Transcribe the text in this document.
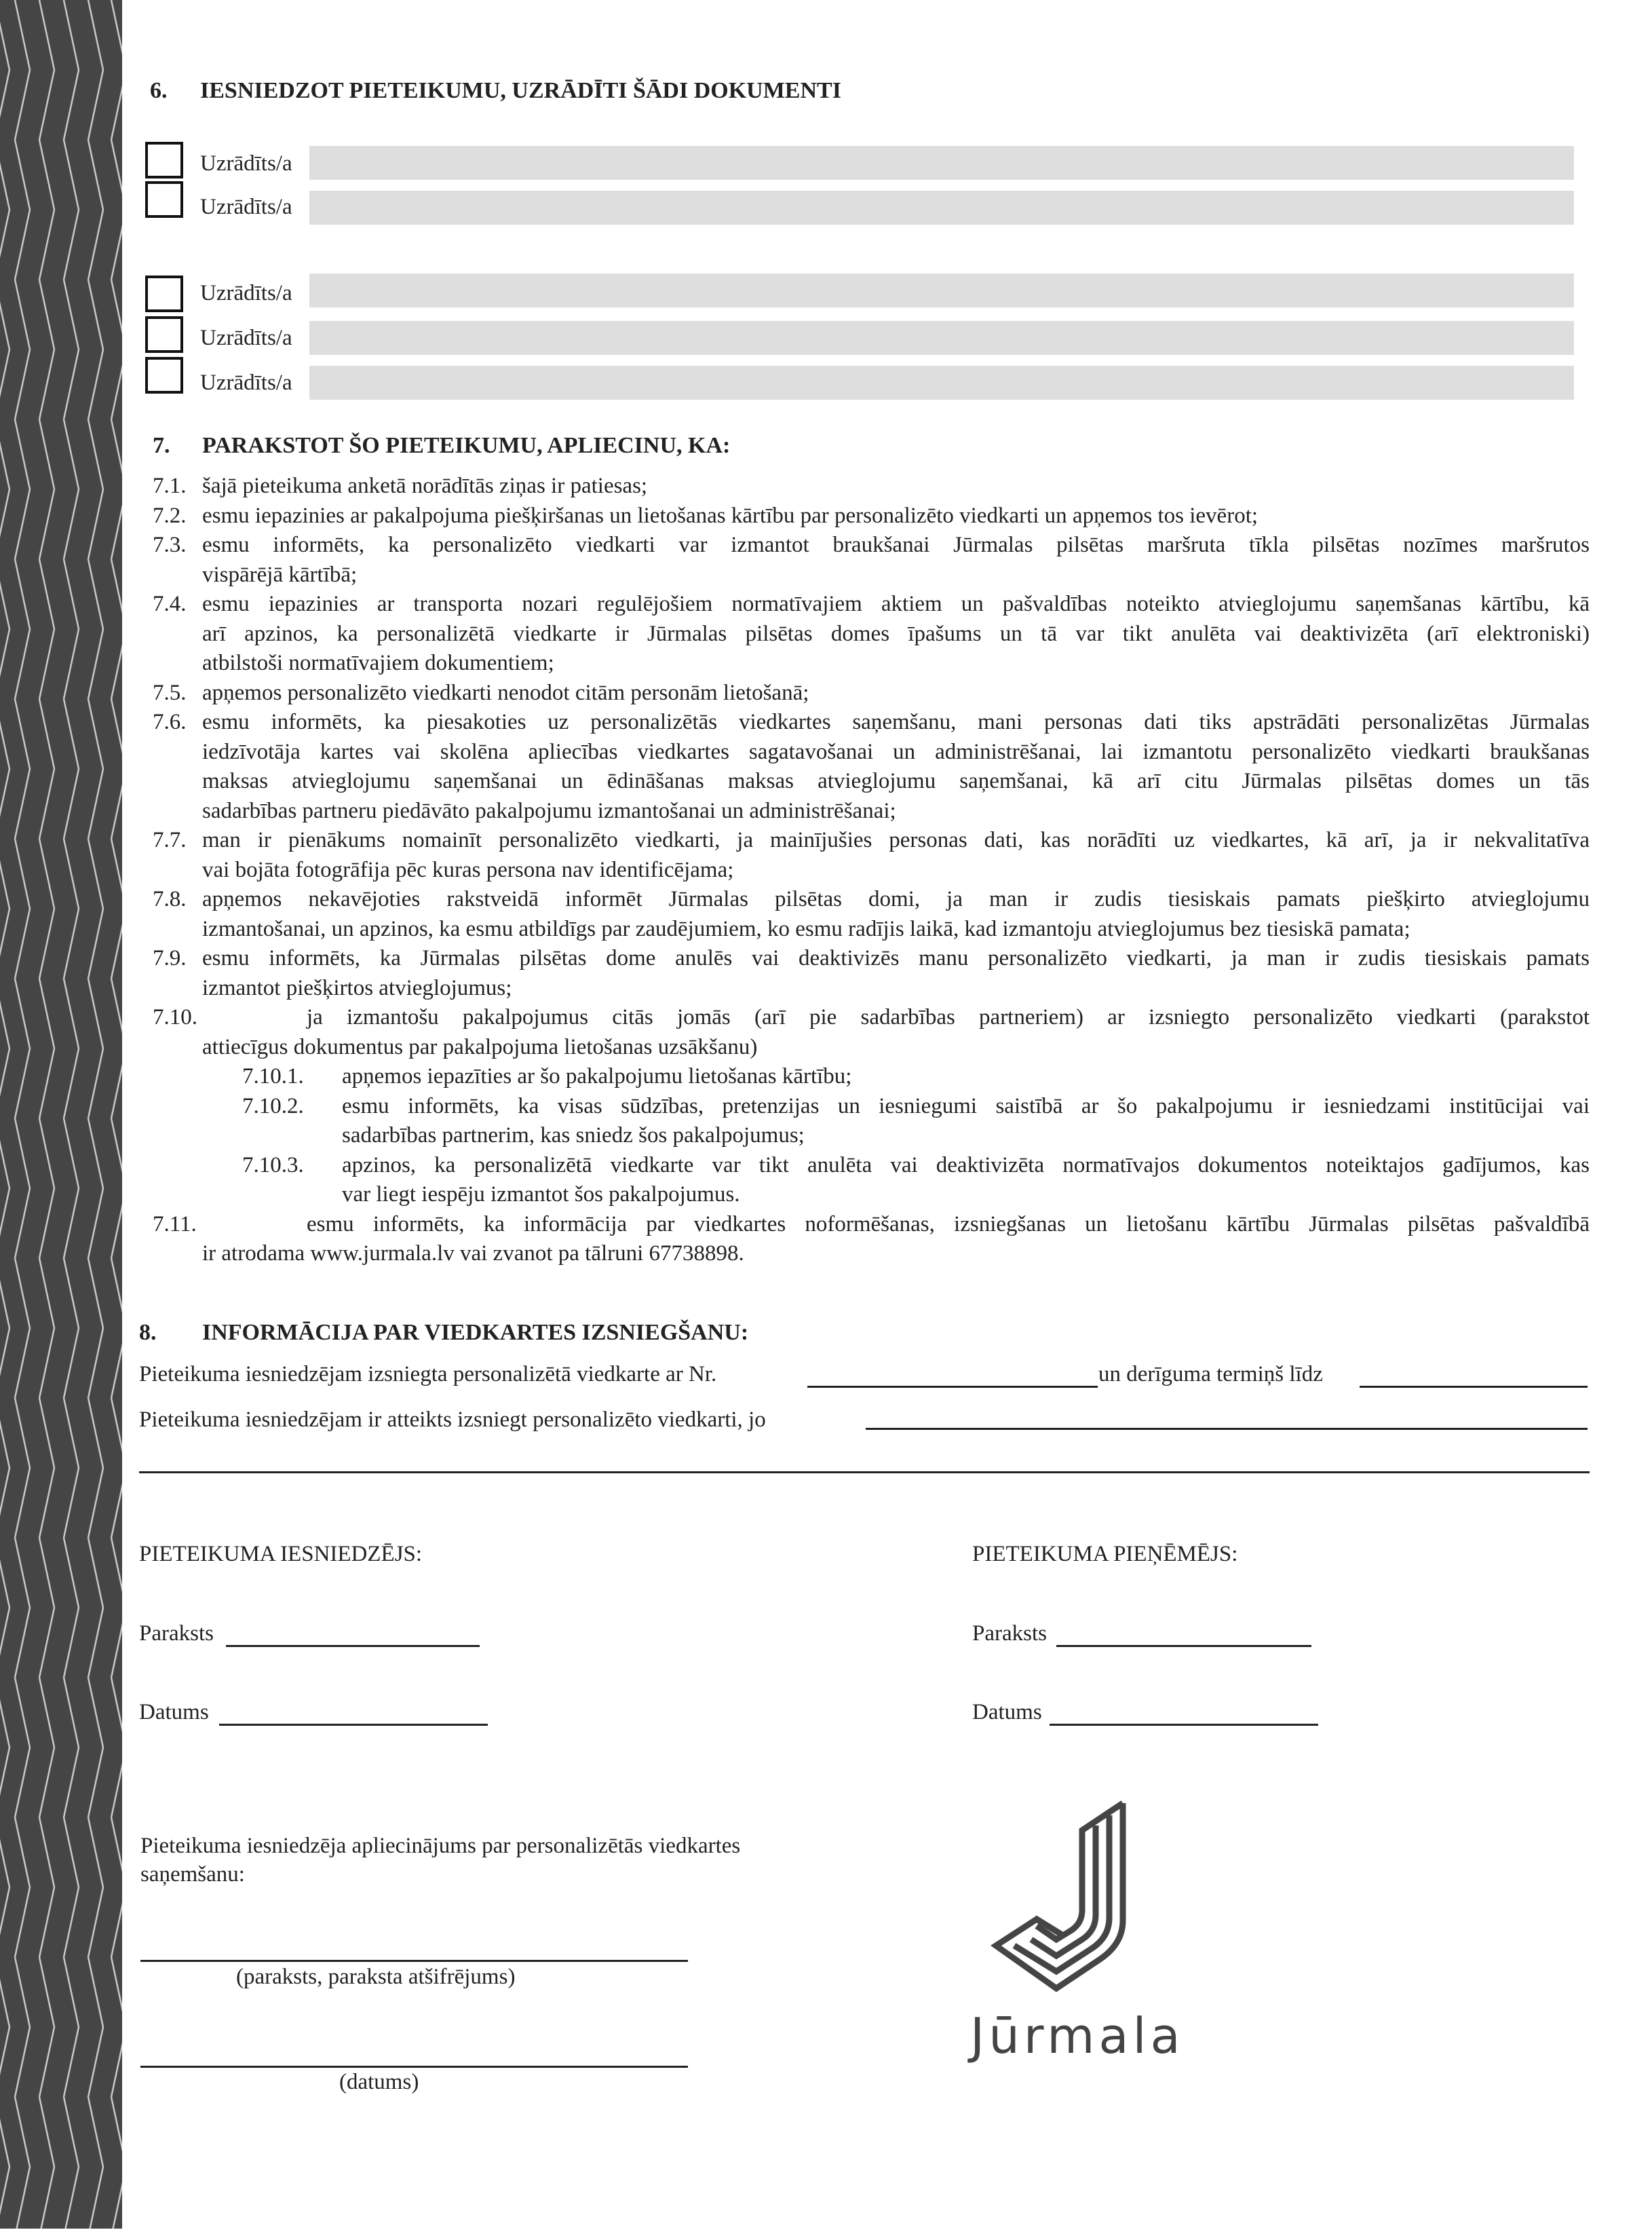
6. IESNIEDZOT PIETEIKUMU, UZRĀDĪTI ŠĀDI DOKUMENTI
Uzrādīts/a
Uzrādīts/a
Uzrādīts/a
Uzrādīts/a
Uzrādīts/a
7. PARAKSTOT ŠO PIETEIKUMU, APLIECINU, KA:
7.1. šajā pieteikuma anketā norādītās ziņas ir patiesas;
7.2. esmu iepazinies ar pakalpojuma piešķiršanas un lietošanas kārtību par personalizēto viedkarti un apņemos tos ievērot;
7.3. esmu informēts, ka personalizēto viedkarti var izmantot braukšanai Jūrmalas pilsētas maršruta tīkla pilsētas nozīmes maršrutos
vispārējā kārtībā;
7.4. esmu iepazinies ar transporta nozari regulējošiem normatīvajiem aktiem un pašvaldības noteikto atvieglojumu saņemšanas kārtību, kā
arī apzinos, ka personalizētā viedkarte ir Jūrmalas pilsētas domes īpašums un tā var tikt anulēta vai deaktivizēta (arī elektroniski)
atbilstoši normatīvajiem dokumentiem;
7.5. apņemos personalizēto viedkarti nenodot citām personām lietošanā;
7.6. esmu informēts, ka piesakoties uz personalizētās viedkartes saņemšanu, mani personas dati tiks apstrādāti personalizētas Jūrmalas
iedzīvotāja kartes vai skolēna apliecības viedkartes sagatavošanai un administrēšanai, lai izmantotu personalizēto viedkarti braukšanas
maksas atvieglojumu saņemšanai un ēdināšanas maksas atvieglojumu saņemšanai, kā arī citu Jūrmalas pilsētas domes un tās
sadarbības partneru piedāvāto pakalpojumu izmantošanai un administrēšanai;
7.7. man ir pienākums nomainīt personalizēto viedkarti, ja mainījušies personas dati, kas norādīti uz viedkartes, kā arī, ja ir nekvalitatīva
vai bojāta fotogrāfija pēc kuras persona nav identificējama;
7.8. apņemos nekavējoties rakstveidā informēt Jūrmalas pilsētas domi, ja man ir zudis tiesiskais pamats piešķirto atvieglojumu
izmantošanai, un apzinos, ka esmu atbildīgs par zaudējumiem, ko esmu radījis laikā, kad izmantoju atvieglojumus bez tiesiskā pamata;
7.9. esmu informēts, ka Jūrmalas pilsētas dome anulēs vai deaktivizēs manu personalizēto viedkarti, ja man ir zudis tiesiskais pamats
izmantot piešķirtos atvieglojumus;
7.10.	ja izmantošu pakalpojumus citās jomās (arī pie sadarbības partneriem) ar izsniegto personalizēto viedkarti (parakstot
attiecīgus dokumentus par pakalpojuma lietošanas uzsākšanu)
7.10.1. apņemos iepazīties ar šo pakalpojumu lietošanas kārtību;
7.10.2. esmu informēts, ka visas sūdzības, pretenzijas un iesniegumi saistībā ar šo pakalpojumu ir iesniedzami institūcijai vai
sadarbības partnerim, kas sniedz šos pakalpojumus;
7.10.3. apzinos, ka personalizētā viedkarte var tikt anulēta vai deaktivizēta normatīvajos dokumentos noteiktajos gadījumos, kas
var liegt iespēju izmantot šos pakalpojumus.
7.11.	esmu informēts, ka informācija par viedkartes noformēšanas, izsniegšanas un lietošanu kārtību Jūrmalas pilsētas pašvaldībā
ir atrodama www.jurmala.lv vai zvanot pa tālruni 67738898.
8. INFORMĀCIJA PAR VIEDKARTES IZSNIEGŠANU:
Pieteikuma iesniedzējam izsniegta personalizētā viedkarte ar Nr.	un derīguma termiņš līdz
Pieteikuma iesniedzējam ir atteikts izsniegt personalizēto viedkarti, jo
PIETEIKUMA IESNIEDZĒJS:	PIETEIKUMA PIEŅĒMĒJS:
Paraksts	Paraksts
Datums	Datums
Pieteikuma iesniedzēja apliecinājums par personalizētās viedkartes
saņemšanu:
(paraksts, paraksta atšifrējums)
(datums)
Jūrmala
